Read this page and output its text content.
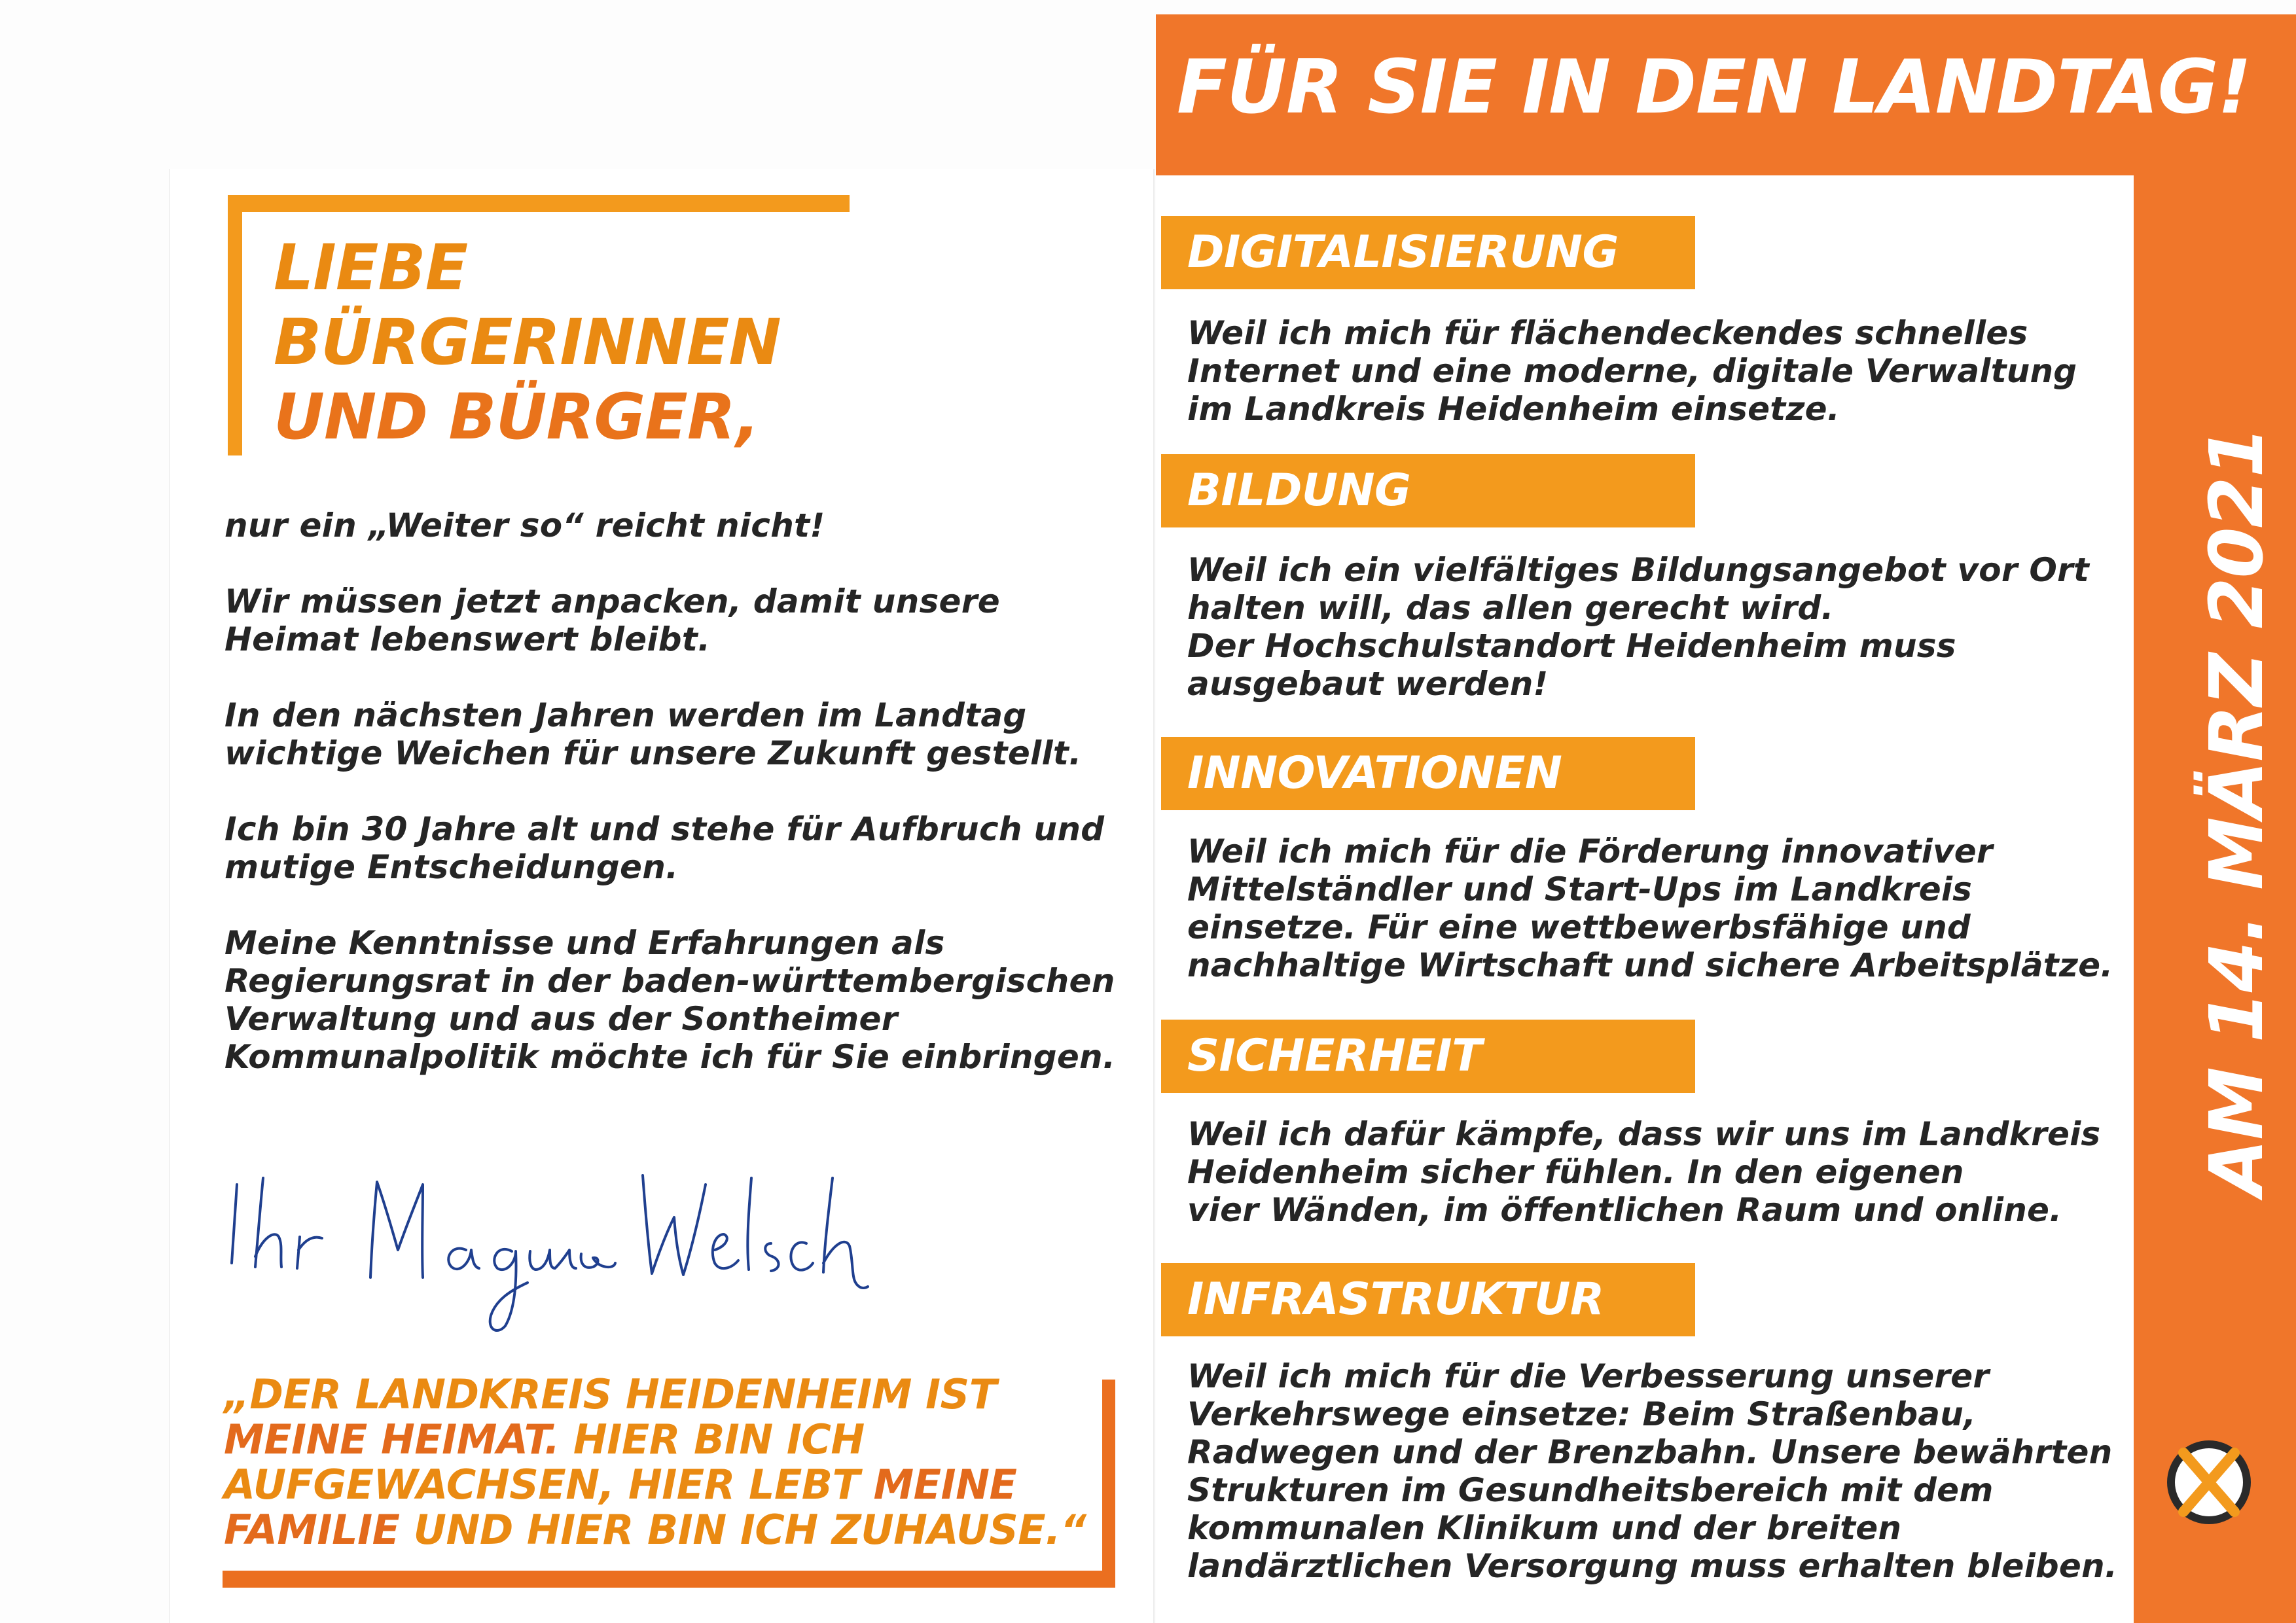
LIEBE
BÜRGERINNEN
UND BÜRGER,

nur ein „Weiter so“ reicht nicht!

Wir müssen jetzt anpacken, damit unsere
Heimat lebenswert bleibt.

In den nächsten Jahren werden im Landtag
wichtige Weichen für unsere Zukunft gestellt.

Ich bin 30 Jahre alt und stehe für Aufbruch und
mutige Entscheidungen.

Meine Kenntnisse und Erfahrungen als
Regierungsrat in der baden-württembergischen
Verwaltung und aus der Sontheimer
Kommunalpolitik möchte ich für Sie einbringen.

„DER LANDKREIS HEIDENHEIM IST
MEINE HEIMAT. HIER BIN ICH
AUFGEWACHSEN, HIER LEBT MEINE
FAMILIE UND HIER BIN ICH ZUHAUSE.“

FÜR SIE IN DEN LANDTAG!

AM 14. MÄRZ 2021

DIGITALISIERUNG

Weil ich mich für flächendeckendes schnelles
Internet und eine moderne, digitale Verwaltung
im Landkreis Heidenheim einsetze.

BILDUNG

Weil ich ein vielfältiges Bildungsangebot vor Ort
halten will, das allen gerecht wird.
Der Hochschulstandort Heidenheim muss
ausgebaut werden!

INNOVATIONEN

Weil ich mich für die Förderung innovativer
Mittelständler und Start-Ups im Landkreis
einsetze. Für eine wettbewerbsfähige und
nachhaltige Wirtschaft und sichere Arbeitsplätze.

SICHERHEIT

Weil ich dafür kämpfe, dass wir uns im Landkreis
Heidenheim sicher fühlen. In den eigenen
vier Wänden, im öffentlichen Raum und online.

INFRASTRUKTUR

Weil ich mich für die Verbesserung unserer
Verkehrswege einsetze: Beim Straßenbau,
Radwegen und der Brenzbahn. Unsere bewährten
Strukturen im Gesundheitsbereich mit dem
kommunalen Klinikum und der breiten
landärztlichen Versorgung muss erhalten bleiben.
